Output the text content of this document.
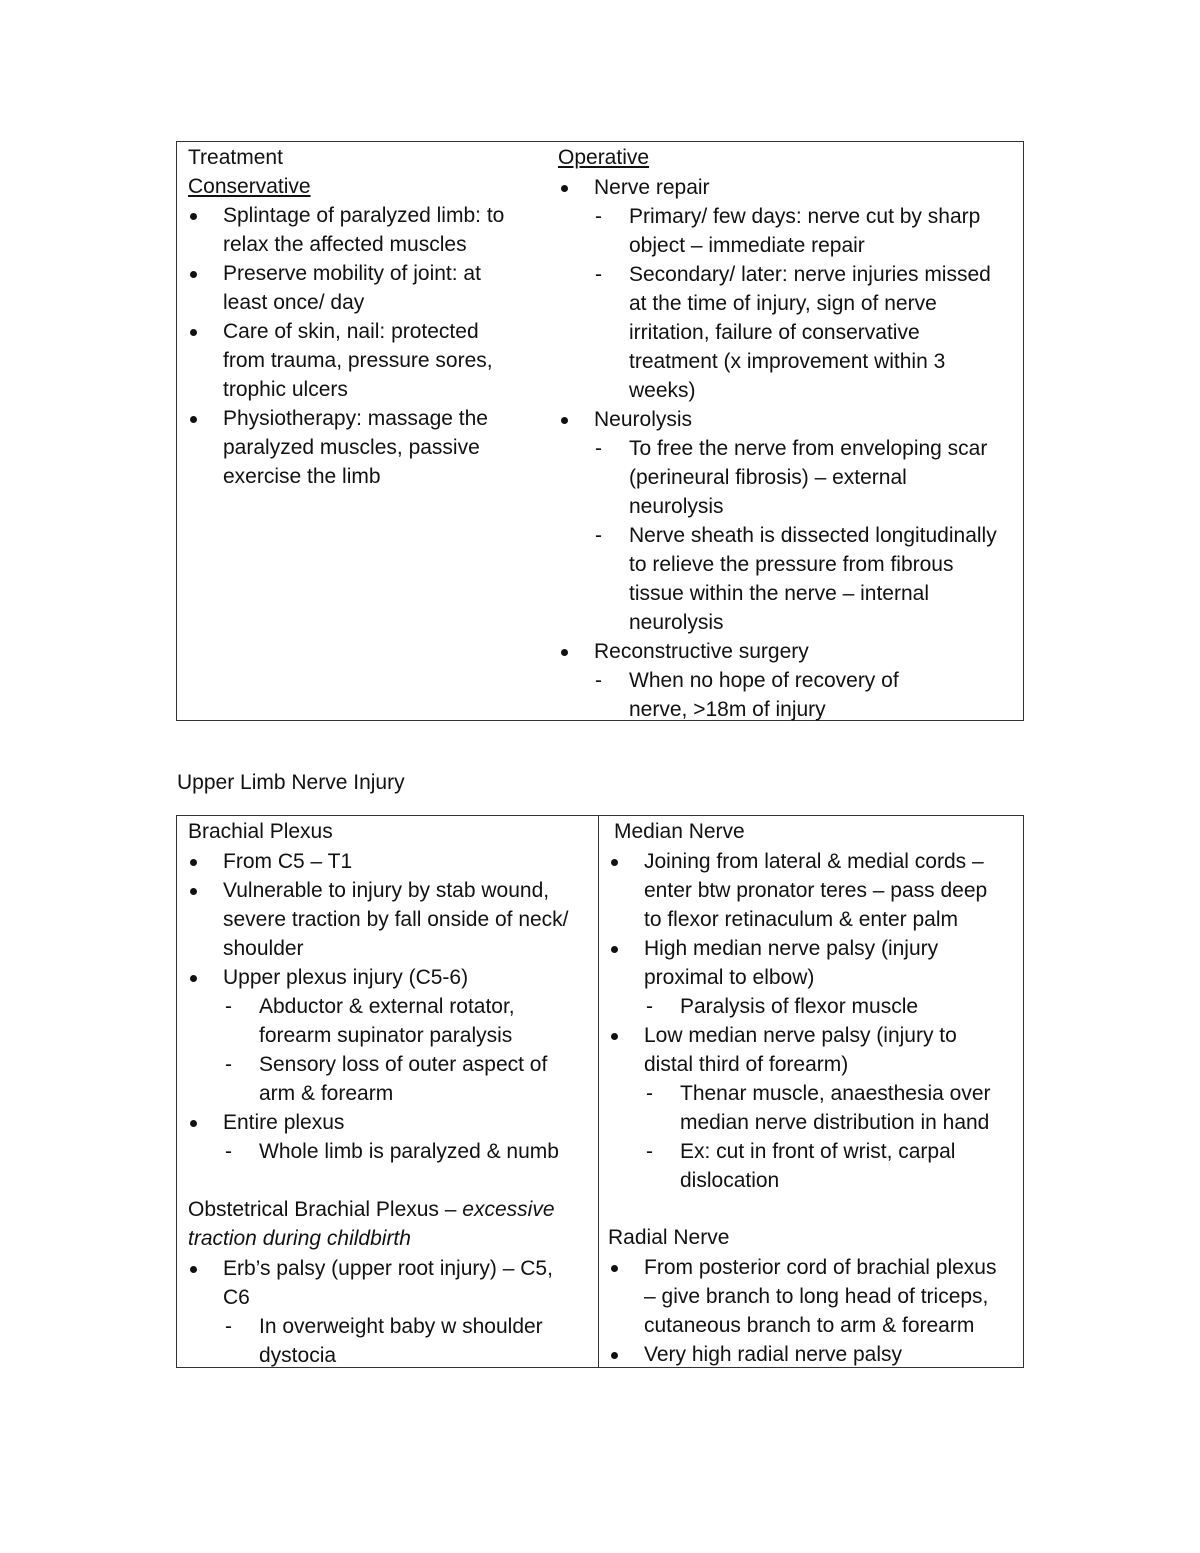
Treatment
Conservative
Splintage of paralyzed limb: to
relax the affected muscles
Preserve mobility of joint: at
least once/ day
Care of skin, nail: protected
from trauma, pressure sores,
trophic ulcers
Physiotherapy: massage the
paralyzed muscles, passive
exercise the limb
Operative
Nerve repair
- Primary/ few days: nerve cut by sharp
object – immediate repair
- Secondary/ later: nerve injuries missed
at the time of injury, sign of nerve
irritation, failure of conservative
treatment (x improvement within 3
weeks)
Neurolysis
- To free the nerve from enveloping scar
(perineural fibrosis) – external
neurolysis
- Nerve sheath is dissected longitudinally
to relieve the pressure from fibrous
tissue within the nerve – internal
neurolysis
Reconstructive surgery
- When no hope of recovery of
nerve, >18m of injury
Upper Limb Nerve Injury
Brachial Plexus
From C5 – T1
Vulnerable to injury by stab wound,
severe traction by fall onside of neck/
shoulder
Upper plexus injury (C5-6)
- Abductor & external rotator,
forearm supinator paralysis
- Sensory loss of outer aspect of
arm & forearm
Entire plexus
- Whole limb is paralyzed & numb
Obstetrical Brachial Plexus – excessive
traction during childbirth
Erb’s palsy (upper root injury) – C5,
C6
- In overweight baby w shoulder
dystocia
Median Nerve
Joining from lateral & medial cords –
enter btw pronator teres – pass deep
to flexor retinaculum & enter palm
High median nerve palsy (injury
proximal to elbow)
- Paralysis of flexor muscle
Low median nerve palsy (injury to
distal third of forearm)
- Thenar muscle, anaesthesia over
median nerve distribution in hand
- Ex: cut in front of wrist, carpal
dislocation
Radial Nerve
From posterior cord of brachial plexus
– give branch to long head of triceps,
cutaneous branch to arm & forearm
Very high radial nerve palsy
